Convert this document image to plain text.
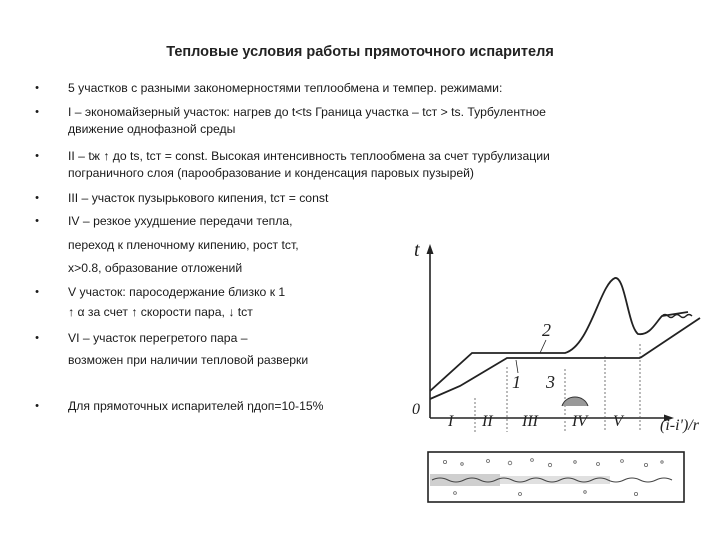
Тепловые условия работы прямоточного испарителя
•	5 участков с разными закономерностями теплообмена и темпер. режимами:
•	I – экономайзерный участок: нагрев до t<ts Граница участка – tст > ts. Турбулентное
движение однофазной среды
•	II – tж ↑ до ts, tст = const. Высокая интенсивность теплообмена за счет турбулизации
пограничного слоя (парообразование и конденсация паровых пузырей)
•	III – участок пузырькового кипения, tст = const
•	IV – резкое ухудшение передачи тепла,
переход к пленочному кипению, рост tст,
x>0.8, образование отложений
•	V участок: паросодержание близко к 1
↑ α за счет ↑ скорости пара, ↓ tст
•	VI – участок перегретого пара –
возможен при наличии тепловой разверки
•	Для прямоточных испарителей ηдоп=10-15%
t
0
(i-i')/r
2
1 3
I II III IV V
